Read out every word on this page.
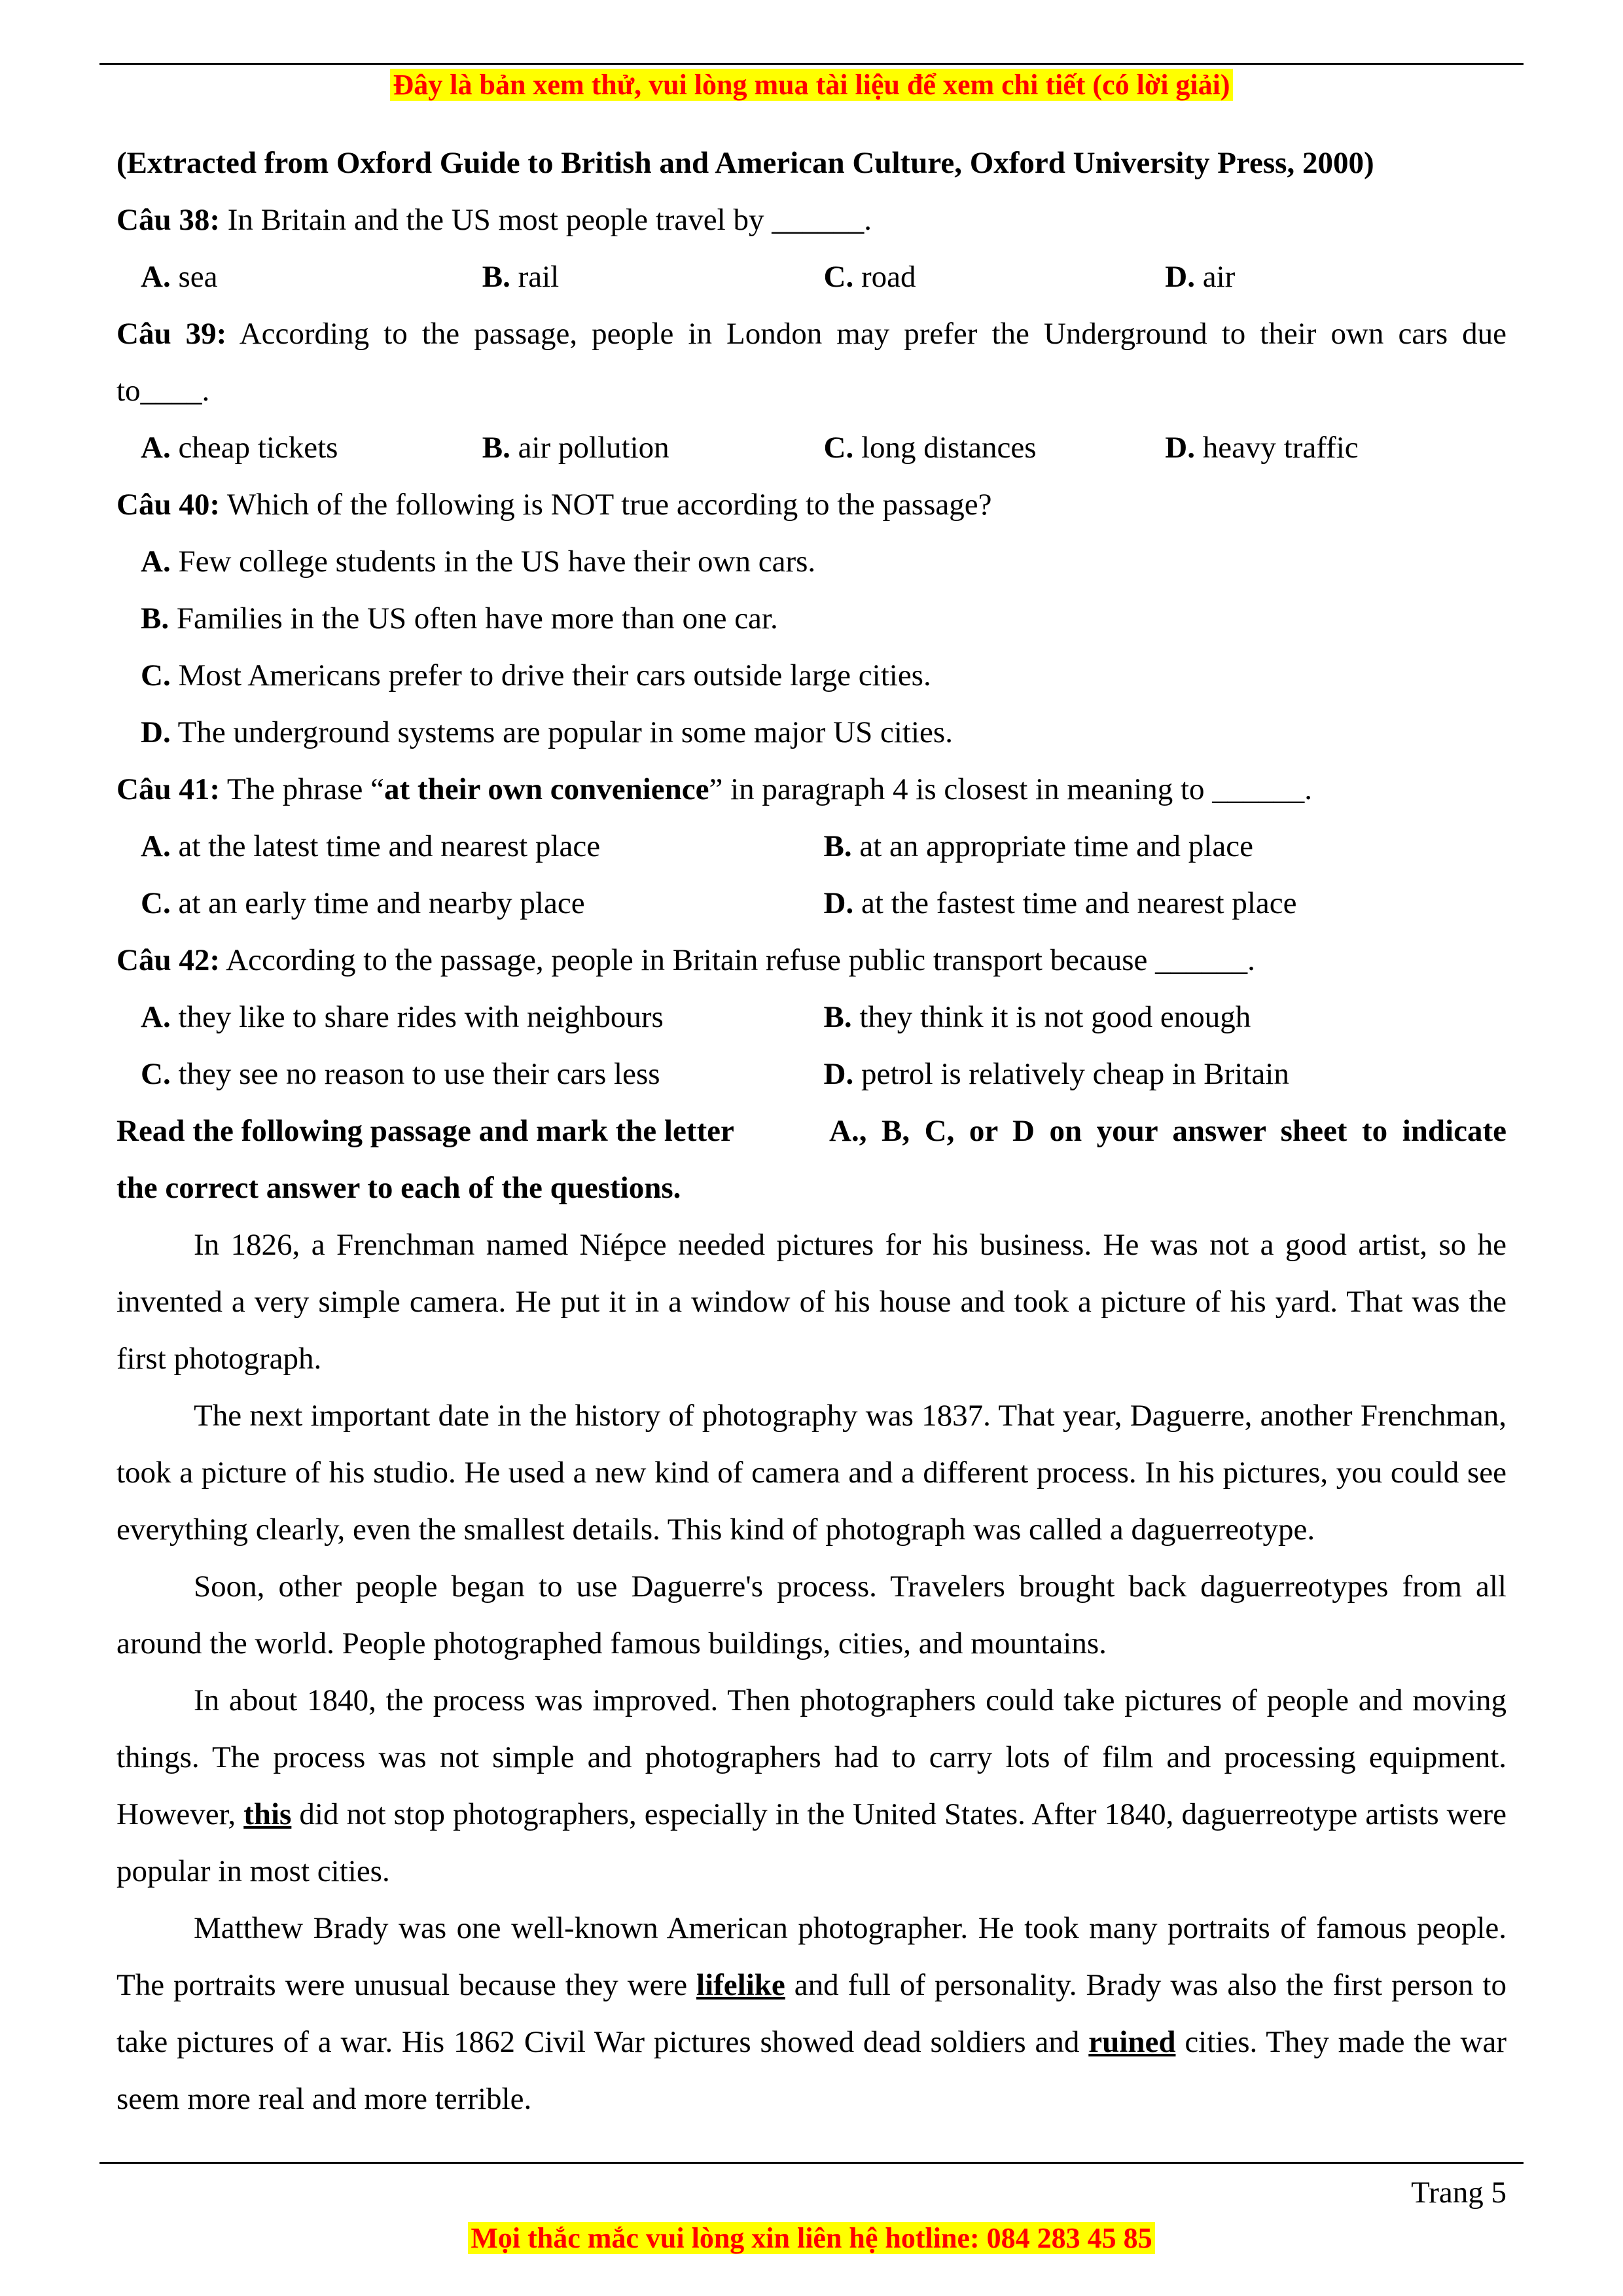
Đây là bản xem thử, vui lòng mua tài liệu để xem chi tiết (có lời giải)
(Extracted from Oxford Guide to British and American Culture, Oxford University Press, 2000)
Câu 38: In Britain and the US most people travel by ______.
A. sea	B. rail	C. road	D. air
Câu 39: According to the passage, people in London may prefer the Underground to their own cars due
to____.
A. cheap tickets	B. air pollution	C. long distances	D. heavy traffic
Câu 40: Which of the following is NOT true according to the passage?
A. Few college students in the US have their own cars.
B. Families in the US often have more than one car.
C. Most Americans prefer to drive their cars outside large cities.
D. The underground systems are popular in some major US cities.
Câu 41: The phrase “at their own convenience” in paragraph 4 is closest in meaning to ______.
A. at the latest time and nearest place	B. at an appropriate time and place
C. at an early time and nearby place	D. at the fastest time and nearest place
Câu 42: According to the passage, people in Britain refuse public transport because ______.
A. they like to share rides with neighbours	B. they think it is not good enough
C. they see no reason to use their cars less	D. petrol is relatively cheap in Britain
Read the following passage and mark the letter	A., B, C, or D on your answer sheet to indicate
the correct answer to each of the questions.

In 1826, a Frenchman named Niépce needed pictures for his business. He was not a good artist, so he invented a very simple camera. He put it in a window of his house and took a picture of his yard. That was the first photograph.

The next important date in the history of photography was 1837. That year, Daguerre, another Frenchman, took a picture of his studio. He used a new kind of camera and a different process. In his pictures, you could see everything clearly, even the smallest details. This kind of photograph was called a daguerreotype.

Soon, other people began to use Daguerre's process. Travelers brought back daguerreotypes from all around the world. People photographed famous buildings, cities, and mountains.

In about 1840, the process was improved. Then photographers could take pictures of people and moving things. The process was not simple and photographers had to carry lots of film and processing equipment. However, this did not stop photographers, especially in the United States. After 1840, daguerreotype artists were popular in most cities.

Matthew Brady was one well-known American photographer. He took many portraits of famous people. The portraits were unusual because they were lifelike and full of personality. Brady was also the first person to take pictures of a war. His 1862 Civil War pictures showed dead soldiers and ruined cities. They made the war seem more real and more terrible.

Trang 5
Mọi thắc mắc vui lòng xin liên hệ hotline: 084 283 45 85
